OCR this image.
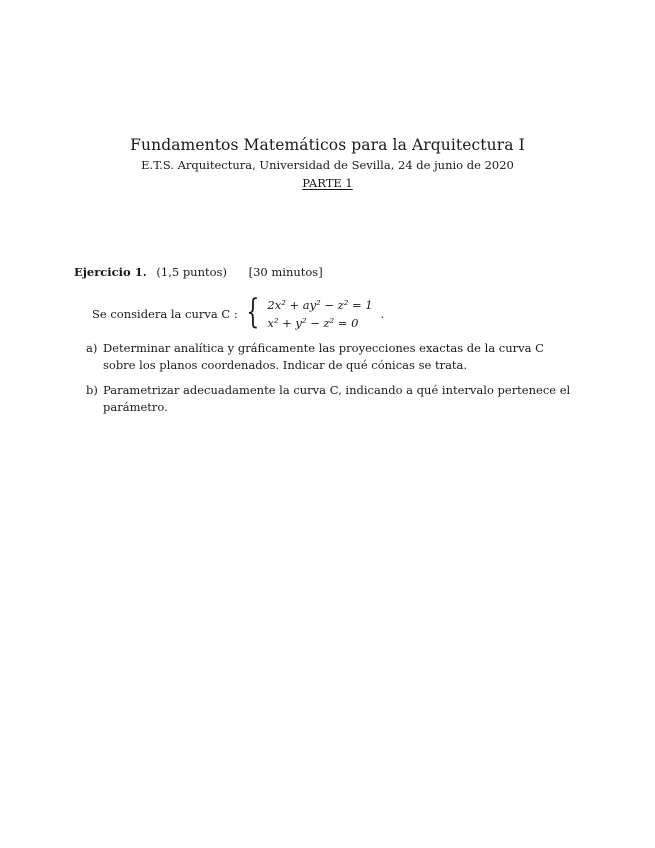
Fundamentos Matemáticos para la Arquitectura I
E.T.S. Arquitectura, Universidad de Sevilla, 24 de junio de 2020
PARTE 1
Ejercicio 1. (1,5 puntos) [30 minutos]
Se considera la curva C : { 2x² + ay² − z² = 1
x² + y² − z² = 0
.
a) Determinar analítica y gráficamente las proyecciones exactas de la curva C sobre los planos coordenados. Indicar de qué cónicas se trata.
b) Parametrizar adecuadamente la curva C, indicando a qué intervalo pertenece el parámetro.
